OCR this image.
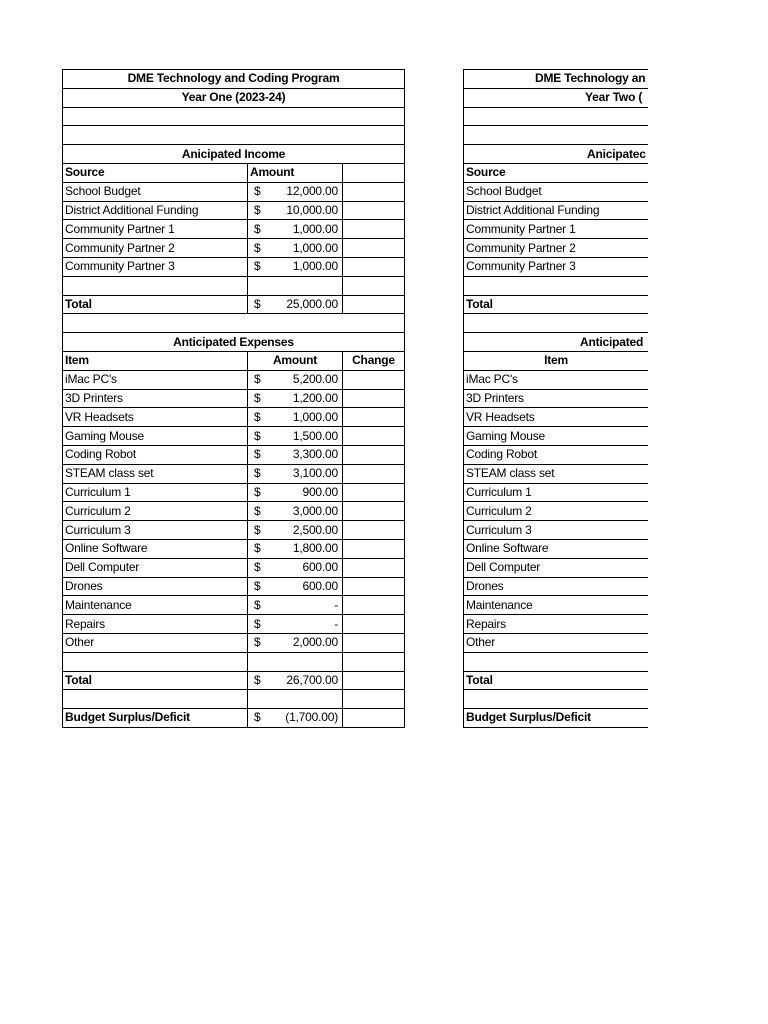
DME Technology and Coding Program		
Year One (2023-24)		

Anicipated Income		
Source	Amount	
School Budget	$ 12,000.00	

District Additional Funding	$ 10,000.00	

Community Partner 1	$ 1,000.00	

Community Partner 2	$ 1,000.00	

Community Partner 3	$ 1,000.00	

Total	$ 25,000.00	

Anticipated Expenses		
Item	Amount	Change
iMac PC's	$ 5,200.00	

3D Printers	$ 1,200.00	

VR Headsets	$ 1,000.00	

Gaming Mouse	$ 1,500.00	

Coding Robot	$ 3,300.00	

STEAM class set	$ 3,100.00	

Curriculum 1	$ 900.00	

Curriculum 2	$ 3,000.00	

Curriculum 3	$ 2,500.00	

Online Software	$ 1,800.00	

Dell Computer	$ 600.00	

Drones	$ 600.00	

Maintenance	$ -	

Repairs	$ -	

Other	$ 2,000.00	

Total	$ 26,700.00	

Budget Surplus/Deficit	$ (1,700.00)	

DME Technology an		
Year Two (		

Anicipatec		
Source		
School Budget		
District Additional Funding		
Community Partner 1		
Community Partner 2		
Community Partner 3		

Total		

Anticipated		
Item		
iMac PC's		
3D Printers		
VR Headsets		
Gaming Mouse		
Coding Robot		
STEAM class set		
Curriculum 1		
Curriculum 2		
Curriculum 3		
Online Software		
Dell Computer		
Drones		
Maintenance		
Repairs		
Other		

Total		

Budget Surplus/Deficit		
